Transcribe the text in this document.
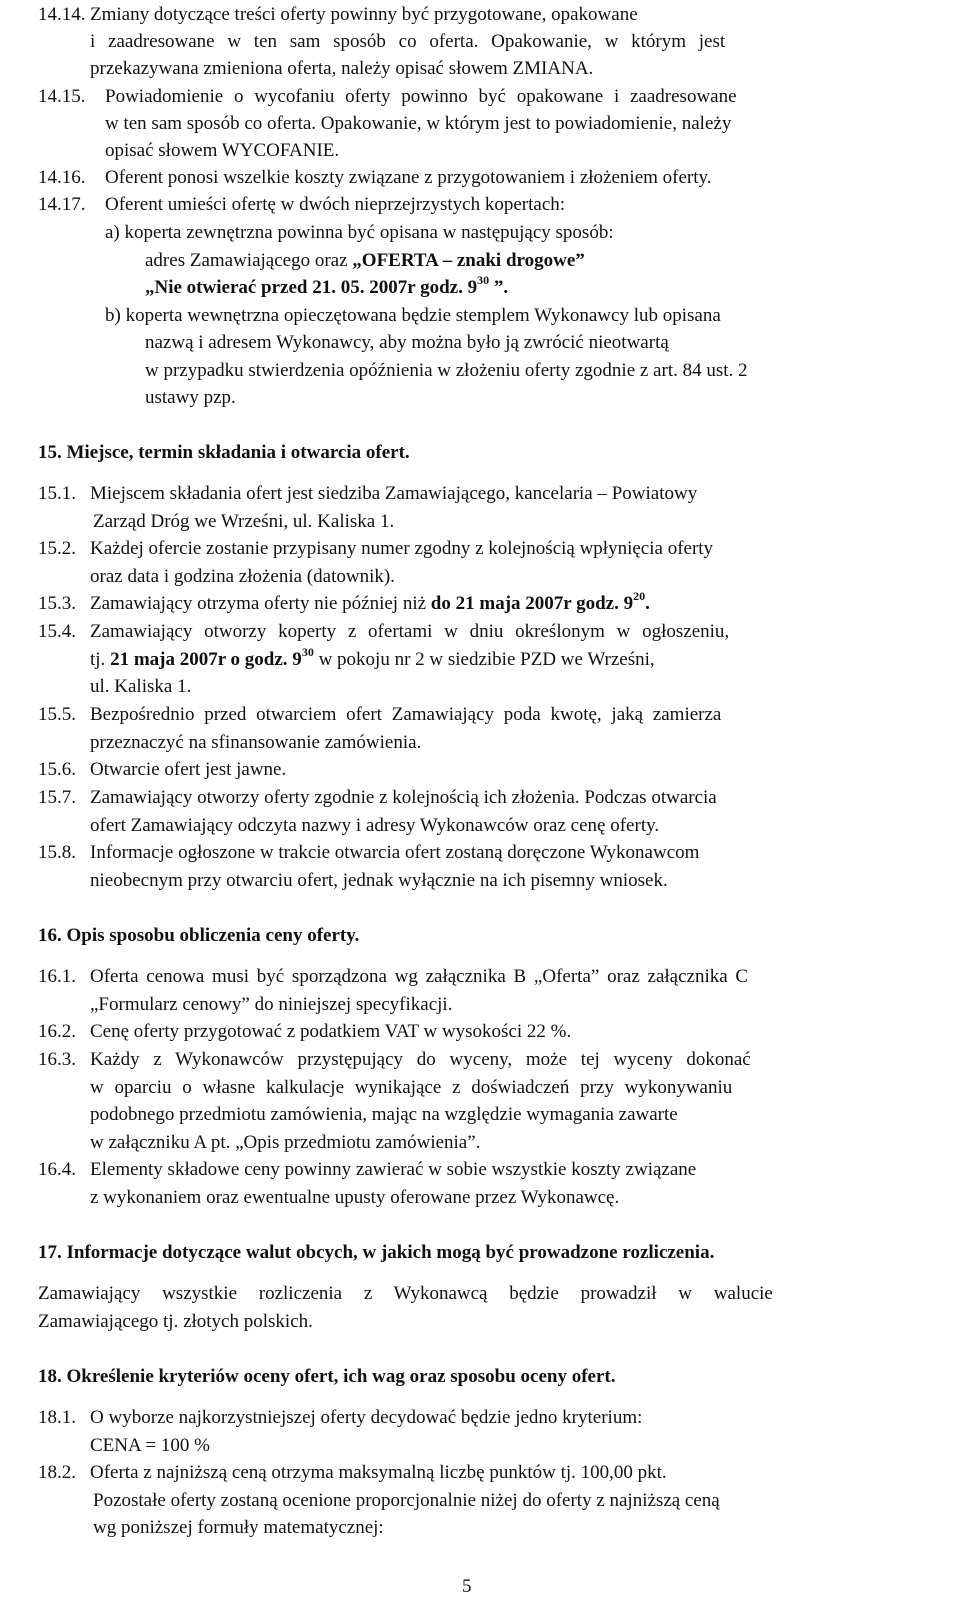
14.14. Zmiany dotyczące treści oferty powinny być przygotowane, opakowane
i zaadresowane w ten sam sposób co oferta. Opakowanie, w którym jest
przekazywana zmieniona oferta, należy opisać słowem ZMIANA.
14.15. Powiadomienie o wycofaniu oferty powinno być opakowane i zaadresowane
w ten sam sposób co oferta. Opakowanie, w którym jest to powiadomienie, należy
opisać słowem WYCOFANIE.
14.16. Oferent ponosi wszelkie koszty związane z przygotowaniem i złożeniem oferty.
14.17. Oferent umieści ofertę w dwóch nieprzejrzystych kopertach:
a) koperta zewnętrzna powinna być opisana w następujący sposób:
adres Zamawiającego oraz „OFERTA – znaki drogowe”
„Nie otwierać przed 21. 05. 2007r godz. $9^{30}$ ”.
b) koperta wewnętrzna opieczętowana będzie stemplem Wykonawcy lub opisana
nazwą i adresem Wykonawcy, aby można było ją zwrócić nieotwartą
w przypadku stwierdzenia opóźnienia w złożeniu oferty zgodnie z art. 84 ust. 2
ustawy pzp.
15. Miejsce, termin składania i otwarcia ofert.
15.1. Miejscem składania ofert jest siedziba Zamawiającego, kancelaria – Powiatowy
Zarząd Dróg we Wrześni, ul. Kaliska 1.
15.2. Każdej ofercie zostanie przypisany numer zgodny z kolejnością wpłynięcia oferty
oraz data i godzina złożenia (datownik).
15.3. Zamawiający otrzyma oferty nie później niż do 21 maja 2007r godz. $9^{20}$.
15.4. Zamawiający otworzy koperty z ofertami w dniu określonym w ogłoszeniu,
tj. 21 maja 2007r o godz. $9^{30}$ w pokoju nr 2 w siedzibie PZD we Wrześni,
ul. Kaliska 1.
15.5. Bezpośrednio przed otwarciem ofert Zamawiający poda kwotę, jaką zamierza
przeznaczyć na sfinansowanie zamówienia.
15.6. Otwarcie ofert jest jawne.
15.7. Zamawiający otworzy oferty zgodnie z kolejnością ich złożenia. Podczas otwarcia
ofert Zamawiający odczyta nazwy i adresy Wykonawców oraz cenę oferty.
15.8. Informacje ogłoszone w trakcie otwarcia ofert zostaną doręczone Wykonawcom
nieobecnym przy otwarciu ofert, jednak wyłącznie na ich pisemny wniosek.
16. Opis sposobu obliczenia ceny oferty.
16.1. Oferta cenowa musi być sporządzona wg załącznika B „Oferta” oraz załącznika C
„Formularz cenowy” do niniejszej specyfikacji.
16.2. Cenę oferty przygotować z podatkiem VAT w wysokości 22 %.
16.3. Każdy z Wykonawców przystępujący do wyceny, może tej wyceny dokonać
w oparciu o własne kalkulacje wynikające z doświadczeń przy wykonywaniu
podobnego przedmiotu zamówienia, mając na względzie wymagania zawarte
w załączniku A pt. „Opis przedmiotu zamówienia”.
16.4. Elementy składowe ceny powinny zawierać w sobie wszystkie koszty związane
z wykonaniem oraz ewentualne upusty oferowane przez Wykonawcę.
17. Informacje dotyczące walut obcych, w jakich mogą być prowadzone rozliczenia.
Zamawiający wszystkie rozliczenia z Wykonawcą będzie prowadził w walucie
Zamawiającego tj. złotych polskich.
18. Określenie kryteriów oceny ofert, ich wag oraz sposobu oceny ofert.
18.1. O wyborze najkorzystniejszej oferty decydować będzie jedno kryterium:
CENA = 100 %
18.2. Oferta z najniższą ceną otrzyma maksymalną liczbę punktów tj. 100,00 pkt.
Pozostałe oferty zostaną ocenione proporcjonalnie niżej do oferty z najniższą ceną
wg poniższej formuły matematycznej:
5
